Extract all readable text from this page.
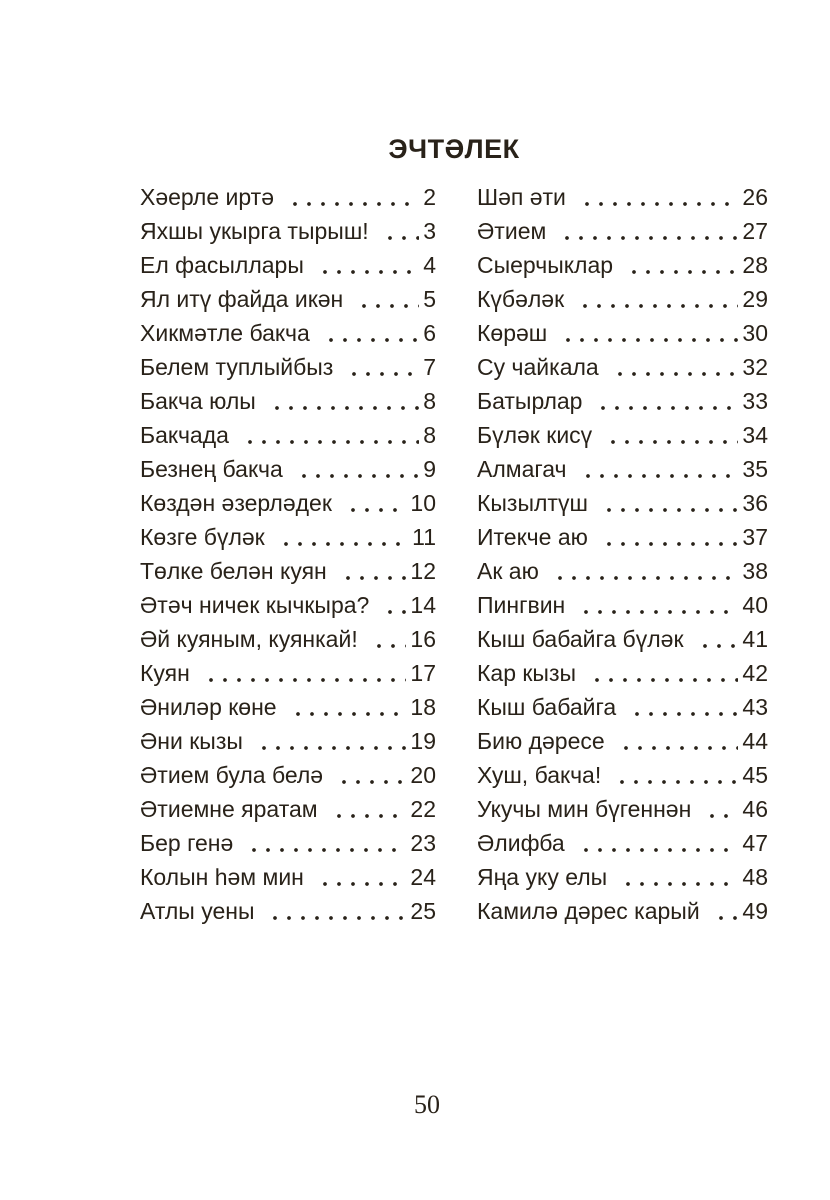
ЭЧТӘЛЕК
Хәерле иртә	2
Яхшы укырга тырыш! 3
Ел фасыллары	4
Ял итү файда икән	5
Хикмәтле бакча	6
Белем туплыйбыз	7
Бакча юлы	8
Бакчада	8
Безнең бакча	9
Көздән әзерләдек	10
Көзге бүләк	11
Төлке белән куян	12
Әтәч ничек кычкыра? 14
Әй куяным, куянкай! 16
Куян	17
Әниләр көне	18
Әни кызы	19
Әтием була белә	20
Әтиемне яратам	22
Бер генә	23
Колын һәм мин	24
Атлы уены	25
Шәп әти	26
Әтием	27
Сыерчыклар	28
Күбәләк	29
Көрәш	30
Су чайкала	32
Батырлар	33
Бүләк кисү	34
Алмагач	35
Кызылтүш	36
Итекче аю	37
Ак аю	38
Пингвин	40
Кыш бабайга бүләк	41
Кар кызы	42
Кыш бабайга	43
Бию дәресе	44
Хуш, бакча!	45
Укучы мин бүгеннән 46
Әлифба	47
Яңа уку елы	48
Камилә дәрес карый 49
50
